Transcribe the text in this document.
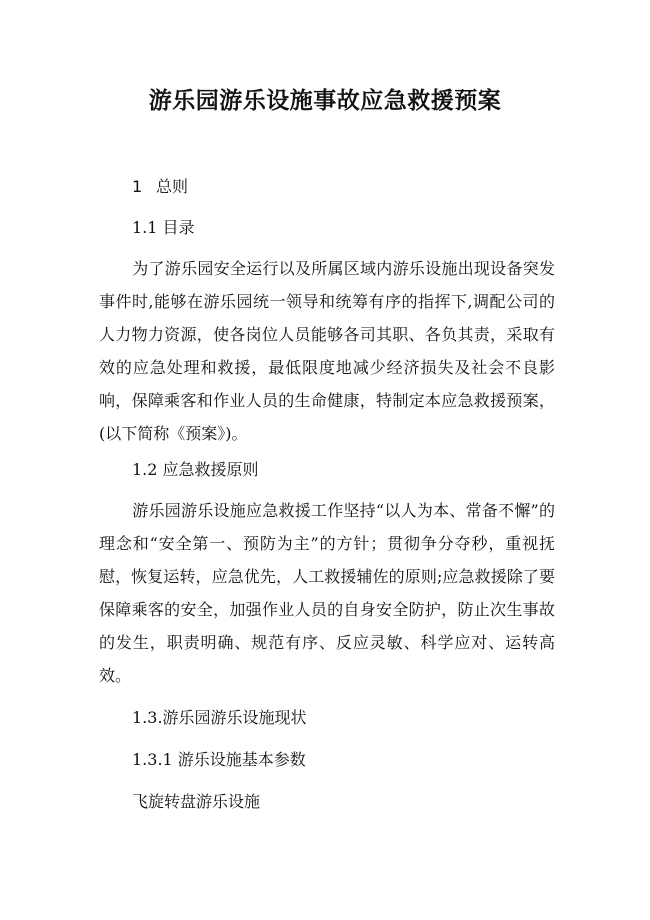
游乐园游乐设施事故应急救援预案

1 总则

1.1 目录

为了游乐园安全运行以及所属区域内游乐设施出现设备突发事件时,能够在游乐园统一领导和统筹有序的指挥下,调配公司的人力物力资源，使各岗位人员能够各司其职、各负其责，采取有效的应急处理和救援，最低限度地减少经济损失及社会不良影响，保障乘客和作业人员的生命健康，特制定本应急救援预案，(以下简称《预案》)。

1.2 应急救援原则

游乐园游乐设施应急救援工作坚持“以人为本、常备不懈”的理念和“安全第一、预防为主”的方针；贯彻争分夺秒，重视抚慰，恢复运转，应急优先，人工救援辅佐的原则;应急救援除了要保障乘客的安全，加强作业人员的自身安全防护，防止次生事故的发生，职责明确、规范有序、反应灵敏、科学应对、运转高效。

1.3.游乐园游乐设施现状

1.3.1 游乐设施基本参数

飞旋转盘游乐设施
